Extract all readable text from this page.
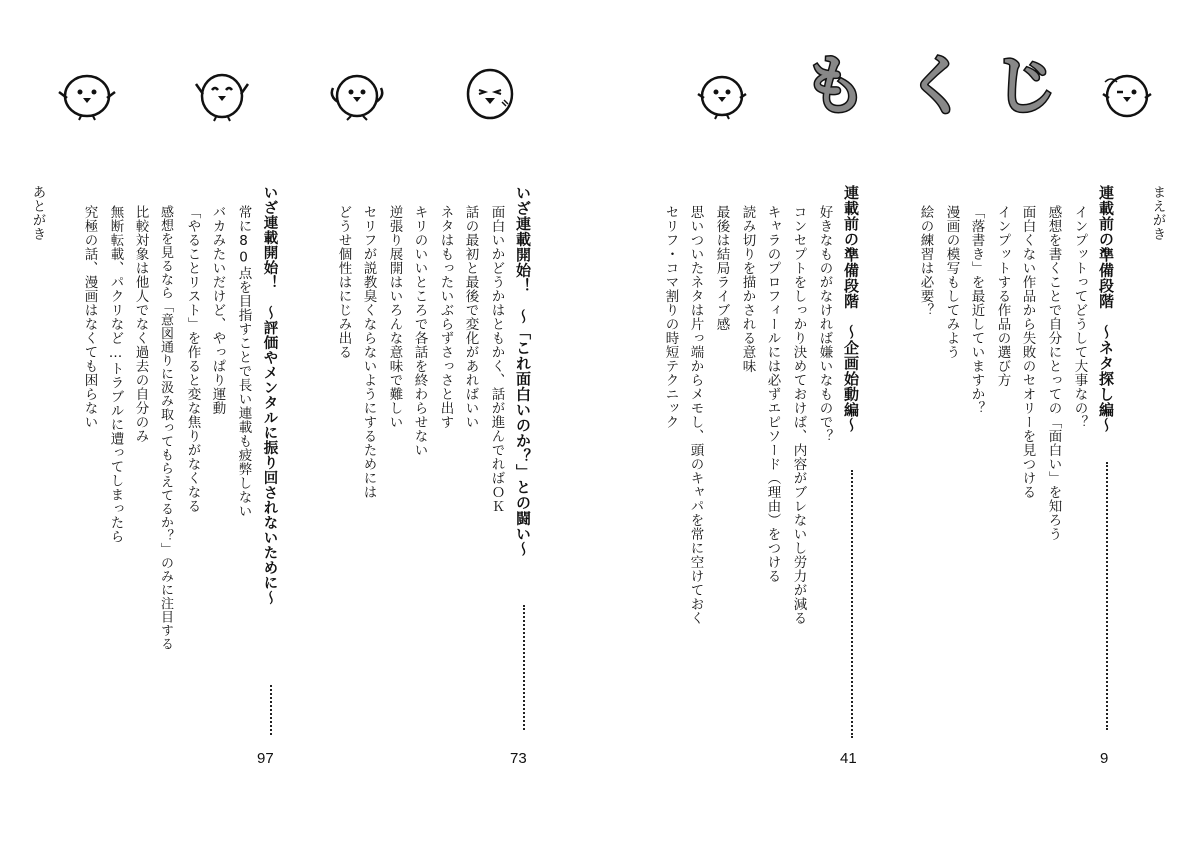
も く じ
まえがき
連載前の準備段階　～ネタ探し編～
9
インプットってどうして大事なの？
感想を書くことで自分にとっての「面白い」を知ろう
面白くない作品から失敗のセオリーを見つける
インプットする作品の選び方
「落書き」を最近していますか？
漫画の模写もしてみよう
絵の練習は必要？
連載前の準備段階　～企画始動編～
41
好きなものがなければ嫌いなもので？
コンセプトをしっかり決めておけば、内容がブレないし労力が減る
キャラのプロフィールには必ずエピソード（理由）をつける
読み切りを描かされる意味
最後は結局ライブ感
思いついたネタは片っ端からメモし、頭のキャパを常に空けておく
セリフ・コマ割りの時短テクニック
いざ連載開始！　～「これ面白いのか？」との闘い～
73
面白いかどうかはともかく、話が進んでればＯＫ
話の最初と最後で変化があればいい
ネタはもったいぶらずさっさと出す
キリのいいところで各話を終わらせない
逆張り展開はいろんな意味で難しい
セリフが説教臭くならないようにするためには
どうせ個性はにじみ出る
いざ連載開始！　～評価やメンタルに振り回されないために～
97
常に80点を目指すことで長い連載も疲弊しない
バカみたいだけど、やっぱり運動
「やることリスト」を作ると変な焦りがなくなる
感想を見るなら「意図通りに汲み取ってもらえてるか？」のみに注目する
比較対象は他人でなく過去の自分のみ
無断転載、パクリなど…トラブルに遭ってしまったら
究極の話、漫画はなくても困らない
あとがき
